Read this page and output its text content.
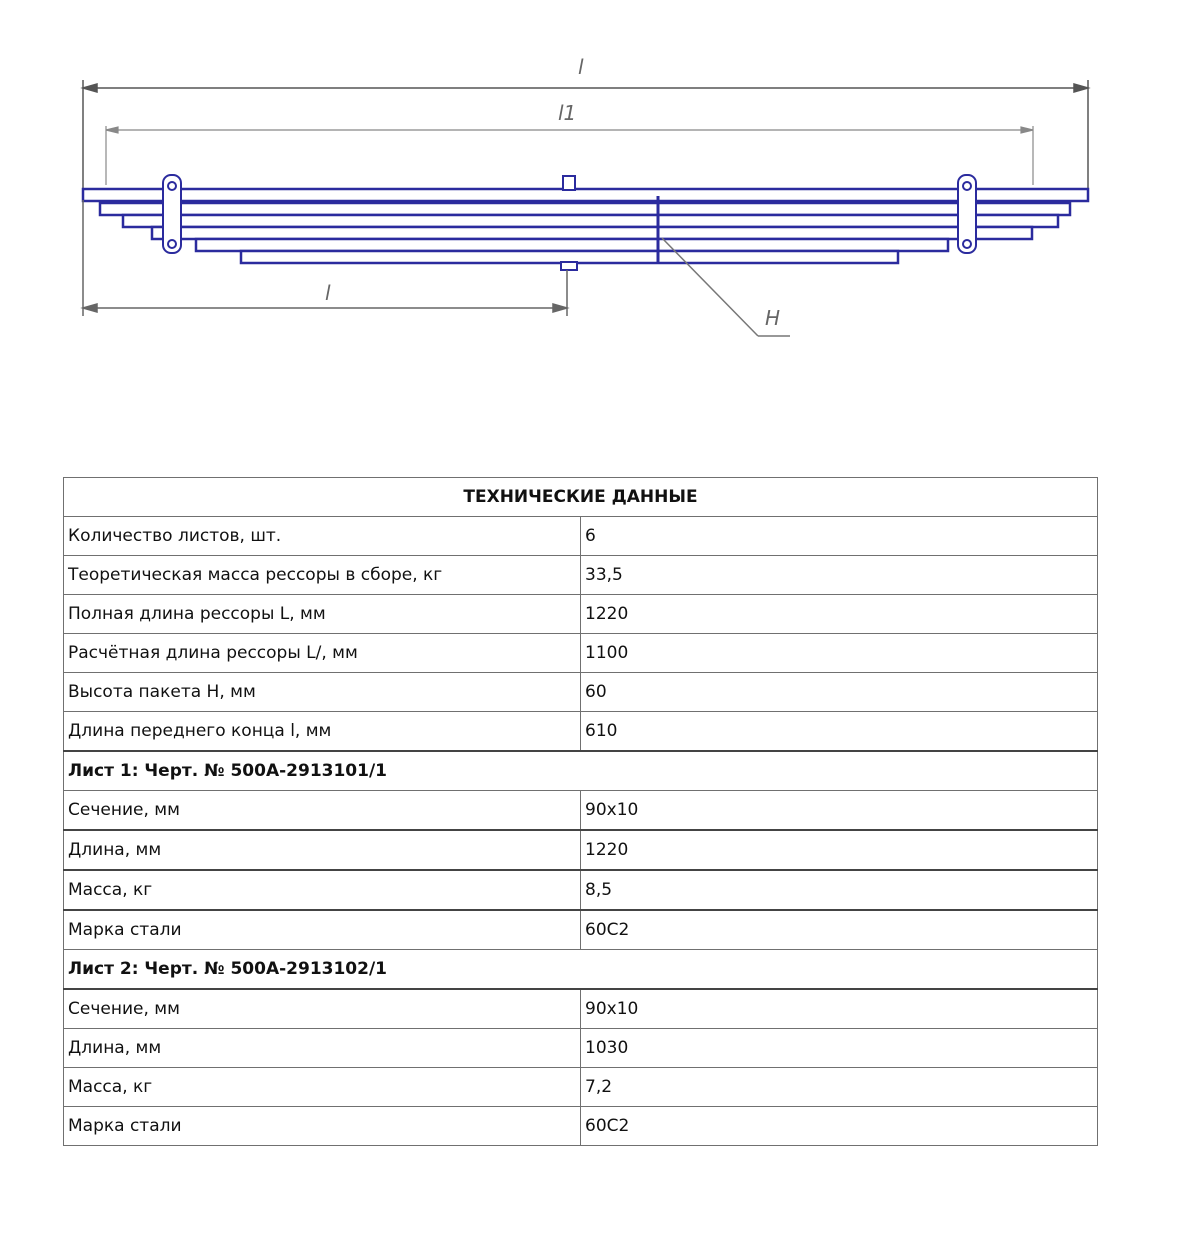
l
l1
l
H
ТЕХНИЧЕСКИЕ ДАННЫЕ	
Количество листов, шт.	6
Теоретическая масса рессоры в сборе, кг	33,5
Полная длина рессоры L, мм	1220
Расчётная длина рессоры L/, мм	1100
Высота пакета H, мм	60
Длина переднего конца l, мм	610
Лист 1: Черт. № 500А-2913101/1	
Сечение, мм	90х10
Длина, мм	1220
Масса, кг	8,5
Марка стали	60С2
Лист 2: Черт. № 500А-2913102/1	
Сечение, мм	90х10
Длина, мм	1030
Масса, кг	7,2
Марка стали	60С2
